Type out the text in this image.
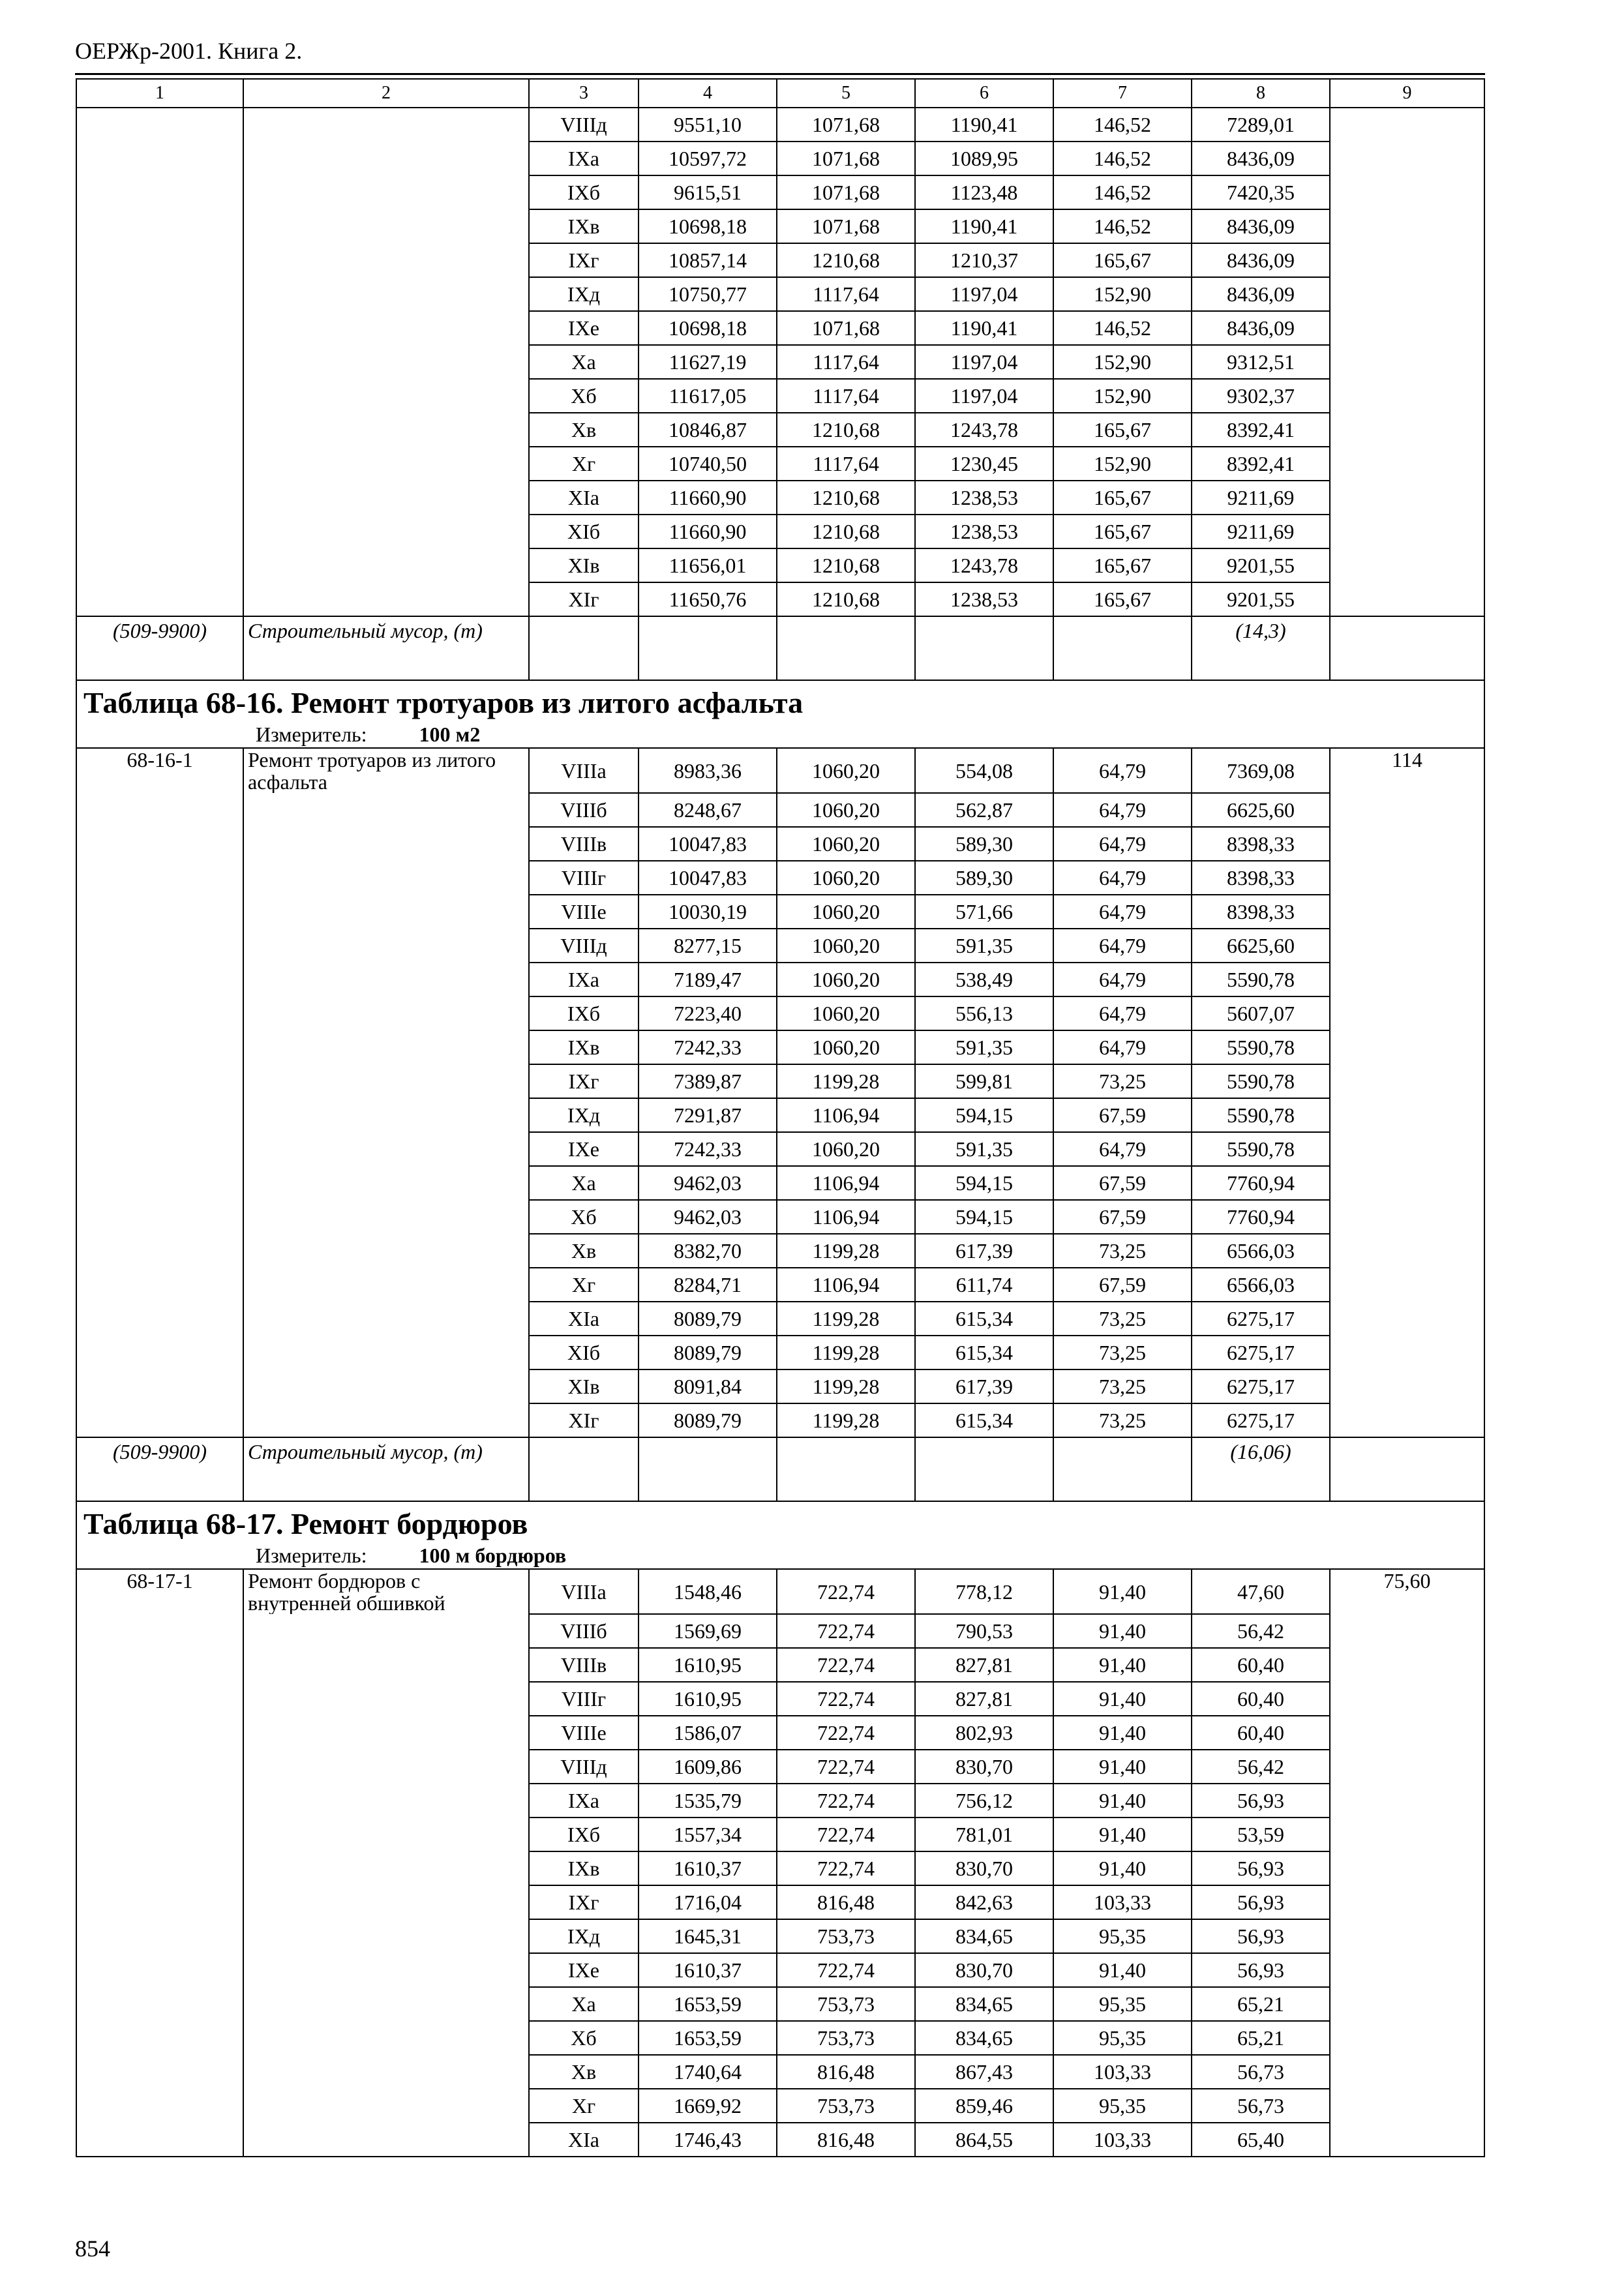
ОЕРЖр-2001. Книга 2.
1	2	3	4	5	6	7	8	9
		VIIIд	9551,10	1071,68	1190,41	146,52	7289,01	
		IXа	10597,72	1071,68	1089,95	146,52	8436,09	
		IXб	9615,51	1071,68	1123,48	146,52	7420,35	
		IXв	10698,18	1071,68	1190,41	146,52	8436,09	
		IXг	10857,14	1210,68	1210,37	165,67	8436,09	
		IXд	10750,77	1117,64	1197,04	152,90	8436,09	
		IXе	10698,18	1071,68	1190,41	146,52	8436,09	
		Xа	11627,19	1117,64	1197,04	152,90	9312,51	
		Xб	11617,05	1117,64	1197,04	152,90	9302,37	
		Xв	10846,87	1210,68	1243,78	165,67	8392,41	
		Xг	10740,50	1117,64	1230,45	152,90	8392,41	
		XIа	11660,90	1210,68	1238,53	165,67	9211,69	
		XIб	11660,90	1210,68	1238,53	165,67	9211,69	
		XIв	11656,01	1210,68	1243,78	165,67	9201,55	
		XIг	11650,76	1210,68	1238,53	165,67	9201,55	
(509-9900)	Строительный мусор, (т)						(14,3)	

Таблица 68-16. Ремонт тротуаров из литого асфальта
Измеритель: 100 м2								

68-16-1	Ремонт тротуаров из литого асфальта	VIIIа	8983,36	1060,20	554,08	64,79	7369,08	114
		VIIIб	8248,67	1060,20	562,87	64,79	6625,60	
		VIIIв	10047,83	1060,20	589,30	64,79	8398,33	
		VIIIг	10047,83	1060,20	589,30	64,79	8398,33	
		VIIIе	10030,19	1060,20	571,66	64,79	8398,33	
		VIIIд	8277,15	1060,20	591,35	64,79	6625,60	
		IXа	7189,47	1060,20	538,49	64,79	5590,78	
		IXб	7223,40	1060,20	556,13	64,79	5607,07	
		IXв	7242,33	1060,20	591,35	64,79	5590,78	
		IXг	7389,87	1199,28	599,81	73,25	5590,78	
		IXд	7291,87	1106,94	594,15	67,59	5590,78	
		IXе	7242,33	1060,20	591,35	64,79	5590,78	
		Xа	9462,03	1106,94	594,15	67,59	7760,94	
		Xб	9462,03	1106,94	594,15	67,59	7760,94	
		Xв	8382,70	1199,28	617,39	73,25	6566,03	
		Xг	8284,71	1106,94	611,74	67,59	6566,03	
		XIа	8089,79	1199,28	615,34	73,25	6275,17	
		XIб	8089,79	1199,28	615,34	73,25	6275,17	
		XIв	8091,84	1199,28	617,39	73,25	6275,17	
		XIг	8089,79	1199,28	615,34	73,25	6275,17	
(509-9900)	Строительный мусор, (т)						(16,06)	

Таблица 68-17. Ремонт бордюров
Измеритель: 100 м бордюров								

68-17-1	Ремонт бордюров с внутренней обшивкой	VIIIа	1548,46	722,74	778,12	91,40	47,60	75,60
		VIIIб	1569,69	722,74	790,53	91,40	56,42	
		VIIIв	1610,95	722,74	827,81	91,40	60,40	
		VIIIг	1610,95	722,74	827,81	91,40	60,40	
		VIIIе	1586,07	722,74	802,93	91,40	60,40	
		VIIIд	1609,86	722,74	830,70	91,40	56,42	
		IXа	1535,79	722,74	756,12	91,40	56,93	
		IXб	1557,34	722,74	781,01	91,40	53,59	
		IXв	1610,37	722,74	830,70	91,40	56,93	
		IXг	1716,04	816,48	842,63	103,33	56,93	
		IXд	1645,31	753,73	834,65	95,35	56,93	
		IXе	1610,37	722,74	830,70	91,40	56,93	
		Xа	1653,59	753,73	834,65	95,35	65,21	
		Xб	1653,59	753,73	834,65	95,35	65,21	
		Xв	1740,64	816,48	867,43	103,33	56,73	
		Xг	1669,92	753,73	859,46	95,35	56,73	
		XIа	1746,43	816,48	864,55	103,33	65,40	
854
